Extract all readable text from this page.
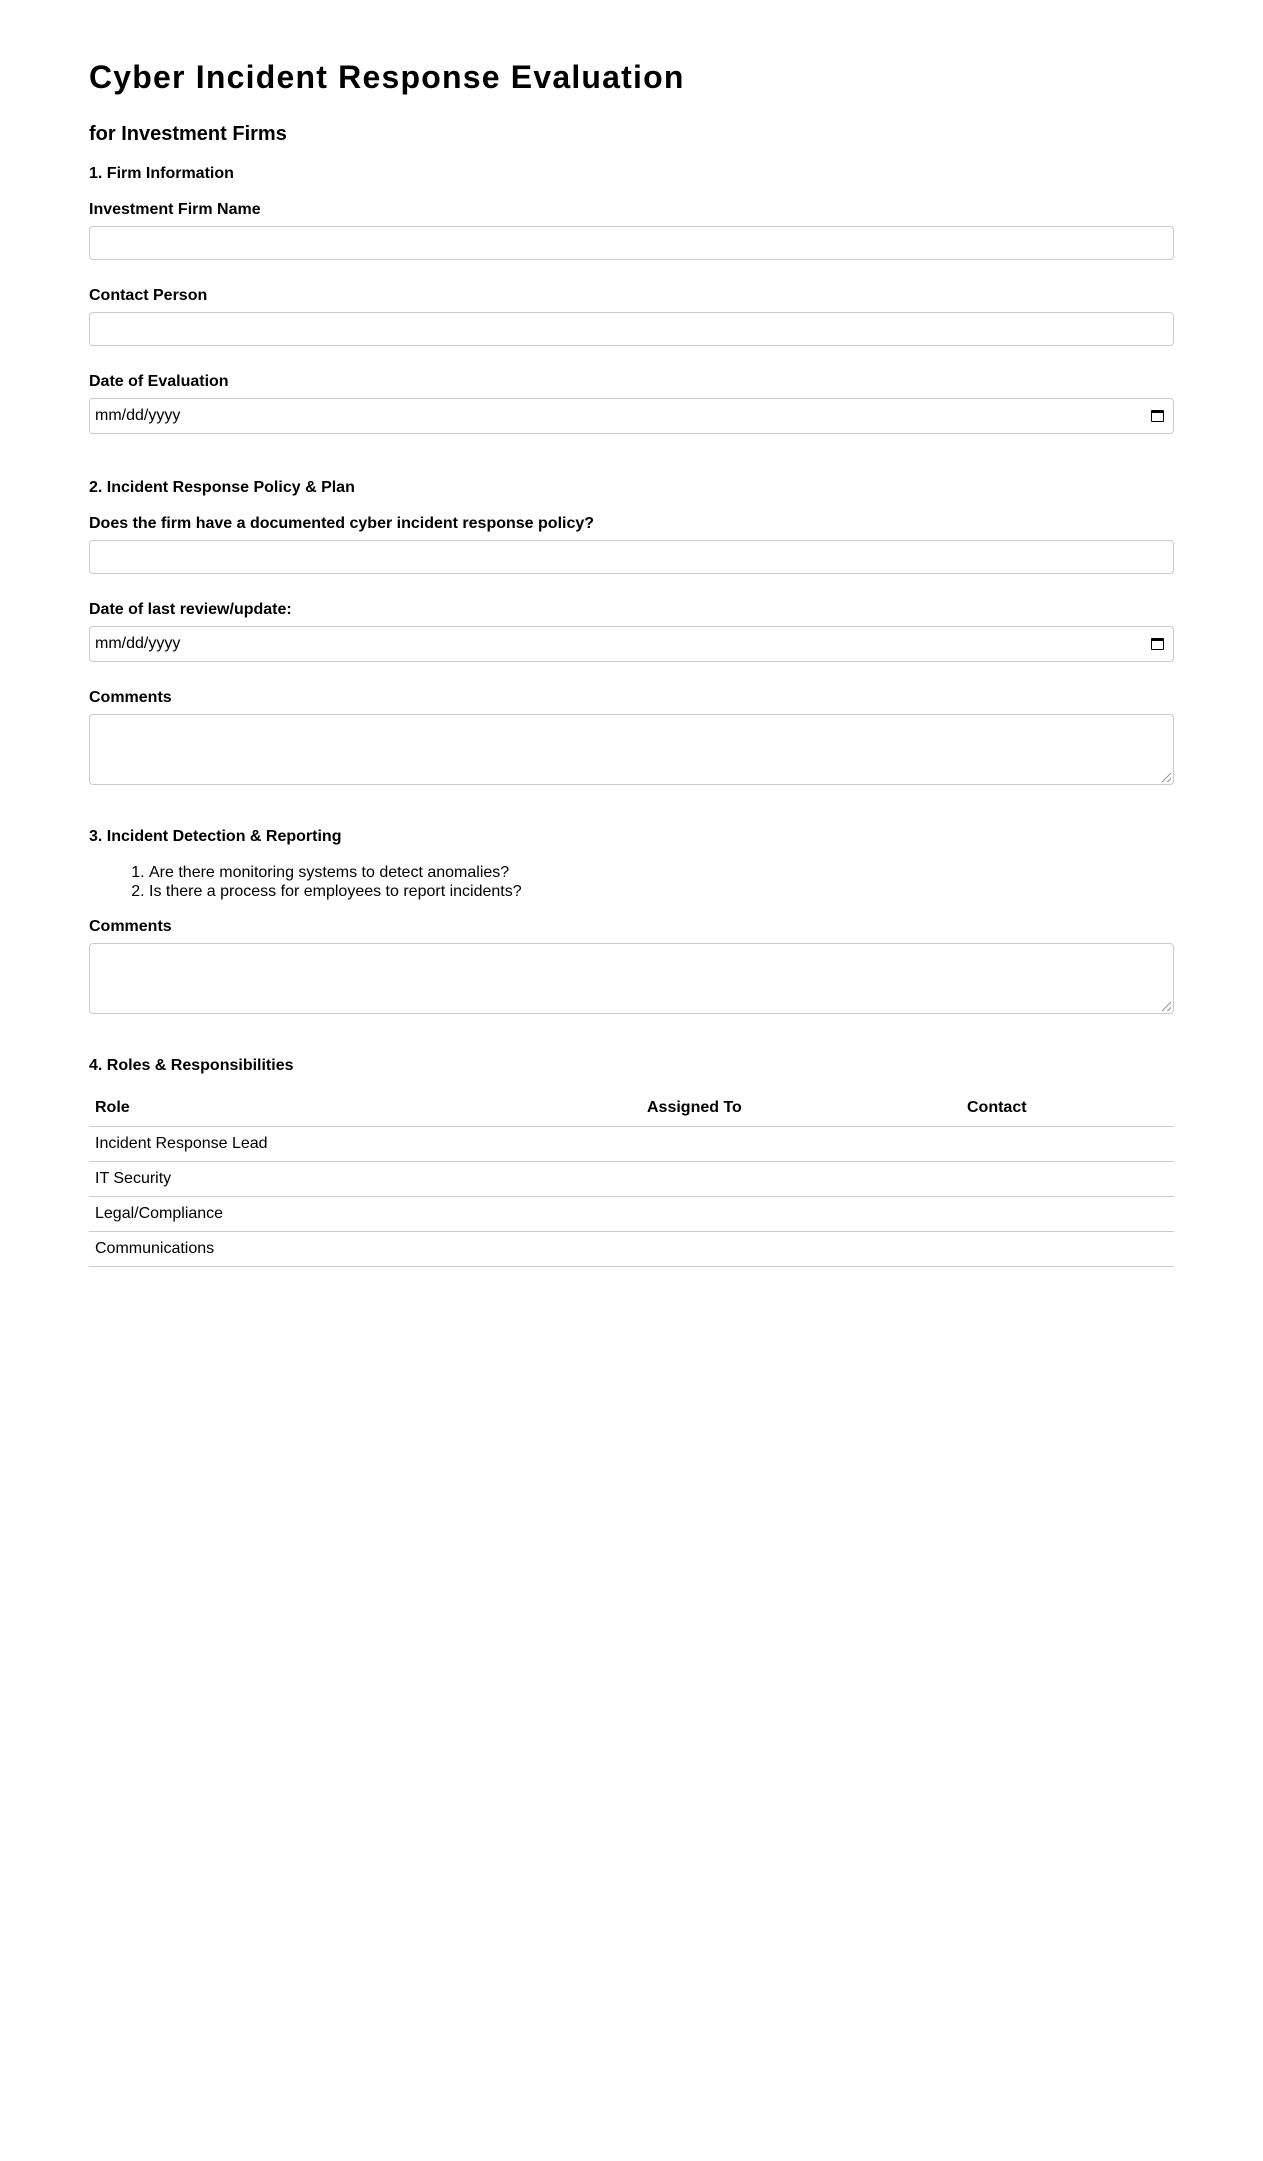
Cyber Incident Response Evaluation
for Investment Firms
1. Firm Information
Investment Firm Name
Contact Person
Date of Evaluation
mm/dd/yyyy
2. Incident Response Policy & Plan
Does the firm have a documented cyber incident response policy?
Date of last review/update:
mm/dd/yyyy
Comments
3. Incident Detection & Reporting
1. Are there monitoring systems to detect anomalies?
2. Is there a process for employees to report incidents?
Comments
4. Roles & Responsibilities
Role	Assigned To	Contact
Incident Response Lead		
IT Security		
Legal/Compliance		
Communications		
